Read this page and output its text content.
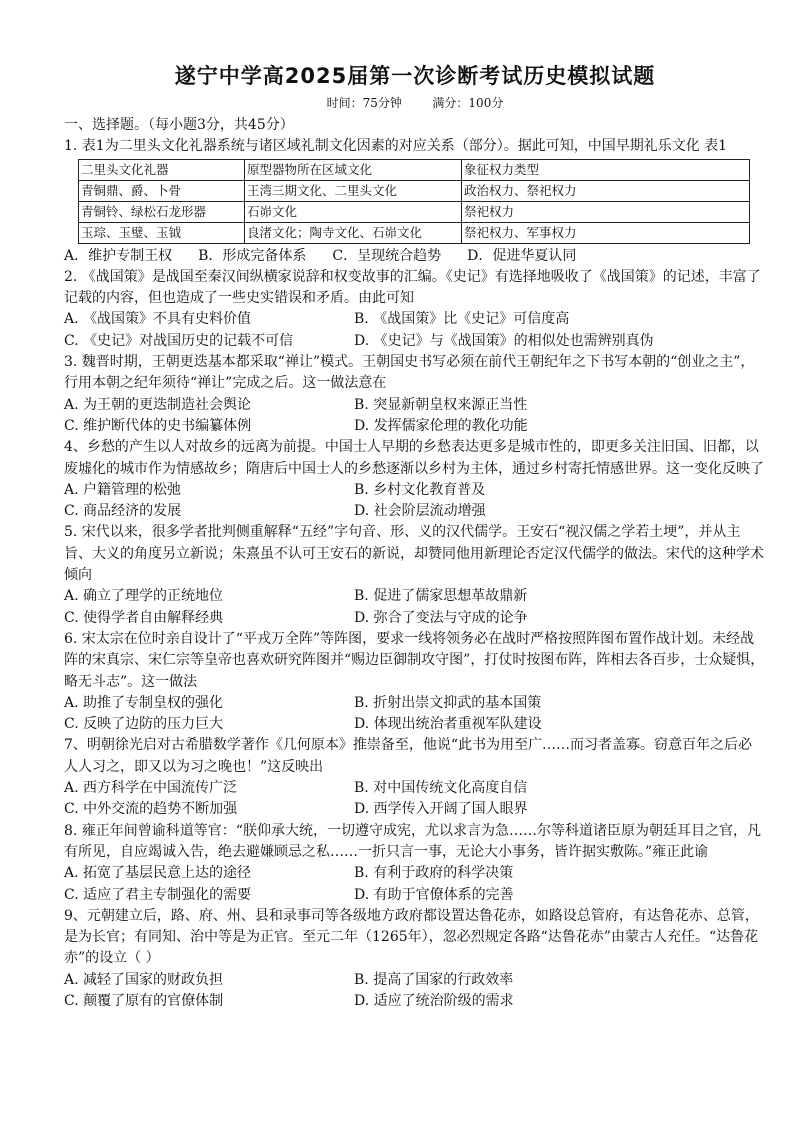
遂宁中学高2025届第一次诊断考试历史模拟试题
时间：75分钟        满分：100分
一、选择题。（每小题3分，共45分）
1. 表1为二里头文化礼器系统与诸区域礼制文化因素的对应关系（部分）。据此可知，中国早期礼乐文化 表1
二里头文化礼器	原型器物所在区域文化	象征权力类型
青铜鼎、爵、卜骨	王湾三期文化、二里头文化	政治权力、祭祀权力
青铜铃、绿松石龙形器	石峁文化	祭祀权力
玉琮、玉璧、玉钺	良渚文化；陶寺文化、石峁文化	祭祀权力、军事权力
A．维护专制王权 B．形成完备体系 C．呈现统合趋势 D．促进华夏认同
2. 《战国策》是战国至秦汉间纵横家说辞和权变故事的汇编。《史记》有选择地吸收了《战国策》的记述，丰富了记载的内容，但也造成了一些史实错误和矛盾。由此可知
A. 《战国策》不具有史料价值	B. 《战国策》比《史记》可信度高
C. 《史记》对战国历史的记载不可信	D. 《史记》与《战国策》的相似处也需辨别真伪
3. 魏晋时期，王朝更迭基本都采取“禅让”模式。王朝国史书写必须在前代王朝纪年之下书写本朝的“创业之主”，行用本朝之纪年须待“禅让”完成之后。这一做法意在
A. 为王朝的更迭制造社会舆论	B. 突显新朝皇权来源正当性
C. 维护断代体的史书编纂体例	D. 发挥儒家伦理的教化功能
4、乡愁的产生以人对故乡的远离为前提。中国士人早期的乡愁表达更多是城市性的，即更多关注旧国、旧都，以废墟化的城市作为情感故乡；隋唐后中国士人的乡愁逐渐以乡村为主体，通过乡村寄托情感世界。这一变化反映了
A. 户籍管理的松弛	B. 乡村文化教育普及
C. 商品经济的发展	D. 社会阶层流动增强
5. 宋代以来，很多学者批判侧重解释“五经”字句音、形、义的汉代儒学。王安石“视汉儒之学若土埂”，并从主旨、大义的角度另立新说；朱熹虽不认可王安石的新说，却赞同他用新理论否定汉代儒学的做法。宋代的这种学术倾向
A. 确立了理学的正统地位	B. 促进了儒家思想革故鼎新
C. 使得学者自由解释经典	D. 弥合了变法与守成的论争
6. 宋太宗在位时亲自设计了“平戎万全阵”等阵图，要求一线将领务必在战时严格按照阵图布置作战计划。未经战阵的宋真宗、宋仁宗等皇帝也喜欢研究阵图并“赐边臣御制攻守图”，打仗时按图布阵，阵相去各百步，士众疑惧，略无斗志”。这一做法
A. 助推了专制皇权的强化	B. 折射出崇文抑武的基本国策
C. 反映了边防的压力巨大	D. 体现出统治者重视军队建设
7、明朝徐光启对古希腊数学著作《几何原本》推崇备至，他说“此书为用至广……而习者盖寡。窃意百年之后必人人习之，即又以为习之晚也！”这反映出
A. 西方科学在中国流传广泛	B. 对中国传统文化高度自信
C. 中外交流的趋势不断加强	D. 西学传入开阔了国人眼界
8. 雍正年间曾谕科道等官：“朕仰承大统，一切遵守成宪，尤以求言为急……尔等科道诸臣原为朝廷耳目之官，凡有所见，自应竭诚入告，绝去避嫌顾忌之私……一折只言一事，无论大小事务，皆许据实敷陈。”雍正此谕
A. 拓宽了基层民意上达的途径	B. 有利于政府的科学决策
C. 适应了君主专制强化的需要	D. 有助于官僚体系的完善
9、元朝建立后，路、府、州、县和录事司等各级地方政府都设置达鲁花赤，如路设总管府，有达鲁花赤、总管，是为长官；有同知、治中等是为正官。至元二年（1265年），忽必烈规定各路“达鲁花赤”由蒙古人充任。“达鲁花赤”的设立（ ）
A. 减轻了国家的财政负担	B. 提高了国家的行政效率
C. 颠覆了原有的官僚体制	D. 适应了统治阶级的需求
